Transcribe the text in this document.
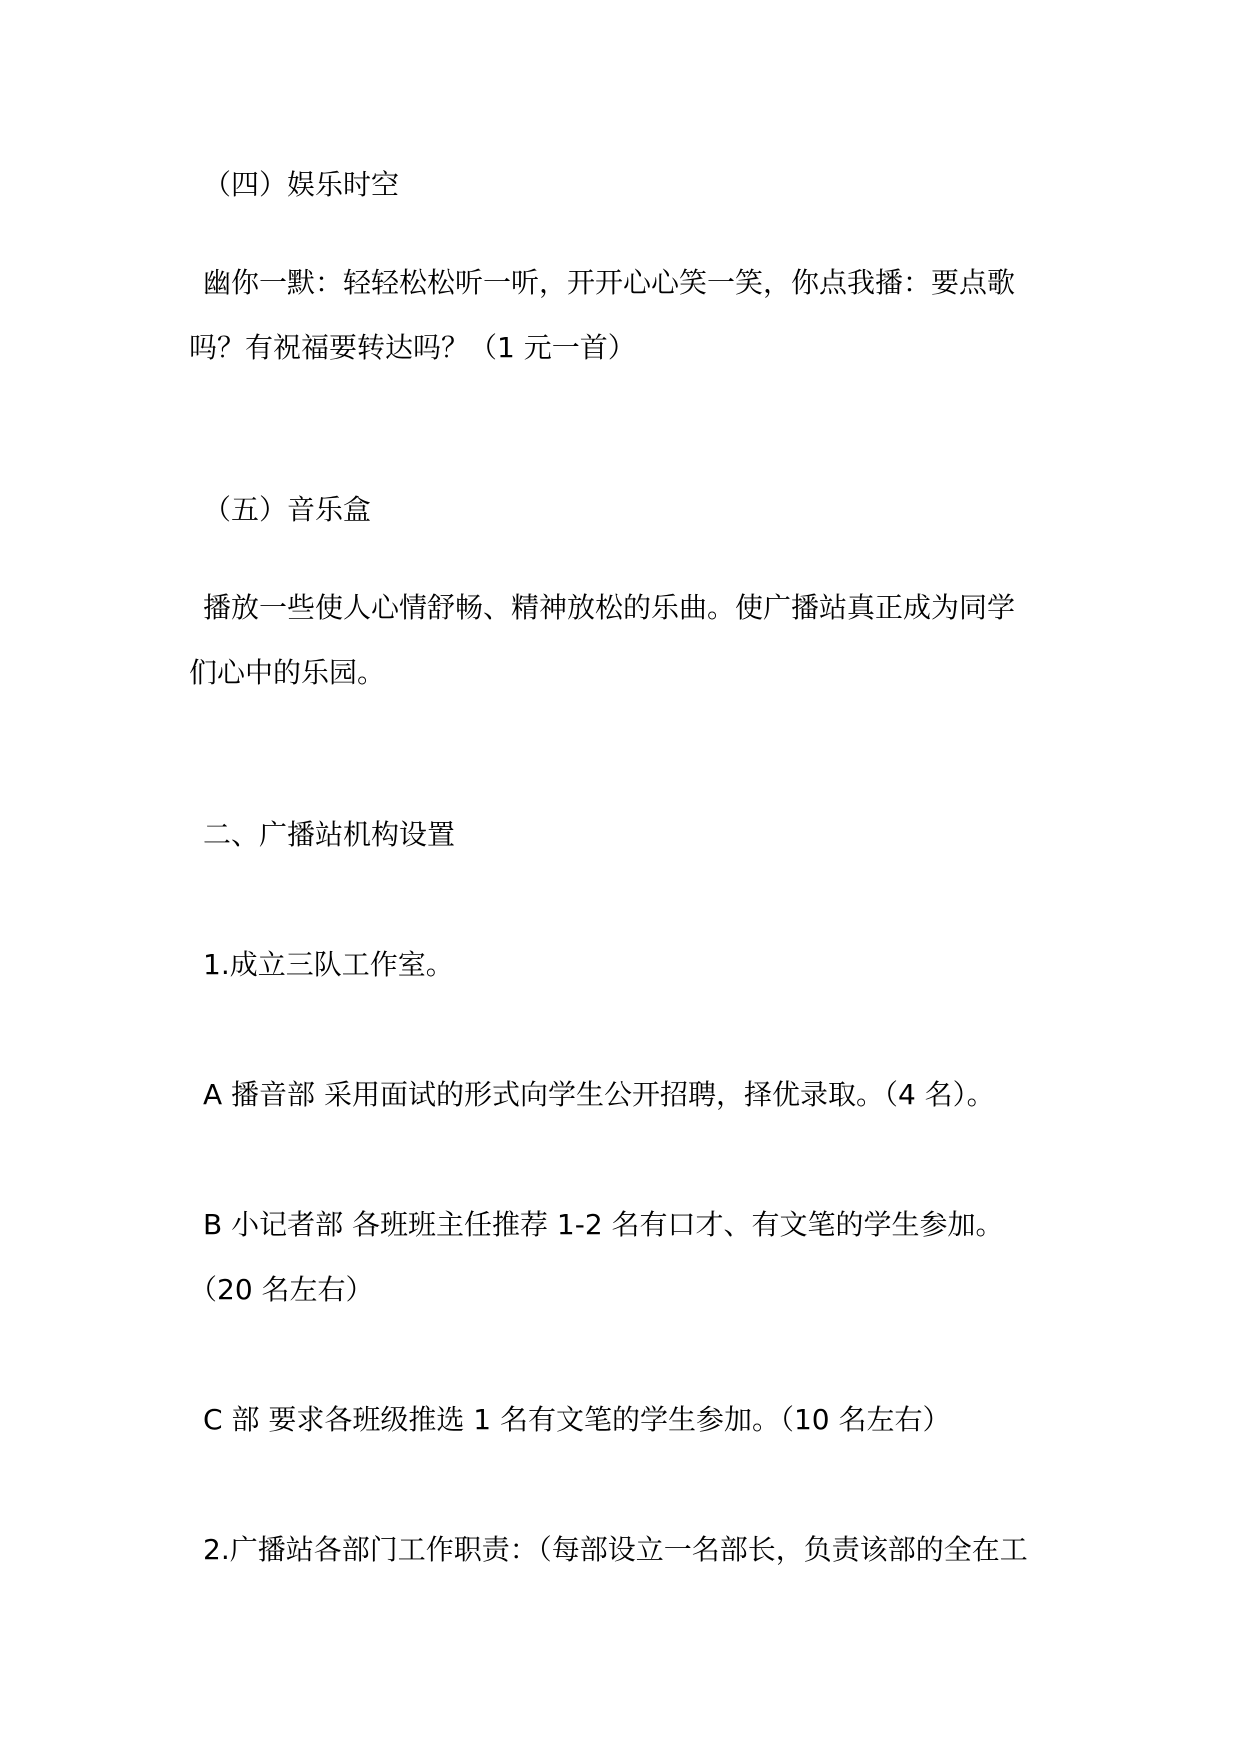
（四）娱乐时空
幽你一默：轻轻松松听一听，开开心心笑一笑，你点我播：要点歌
吗？有祝福要转达吗？（1 元一首）
（五）音乐盒
播放一些使人心情舒畅、精神放松的乐曲。使广播站真正成为同学
们心中的乐园。
二、广播站机构设置
1.成立三队工作室。
A 播音部 采用面试的形式向学生公开招聘，择优录取。（4 名）。
B 小记者部 各班班主任推荐 1-2 名有口才、有文笔的学生参加。
（20 名左右）
C 部 要求各班级推选 1 名有文笔的学生参加。（10 名左右）
2.广播站各部门工作职责：（每部设立一名部长，负责该部的全在工
